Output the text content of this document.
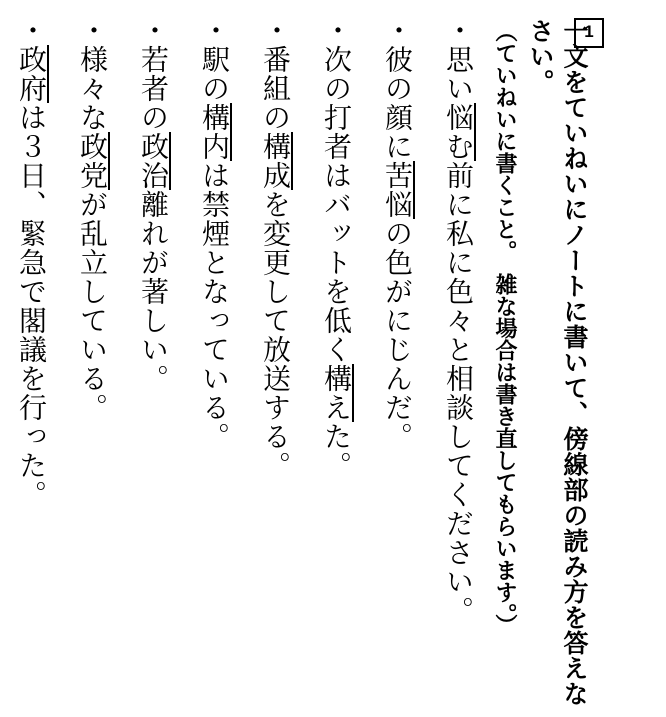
・政府は３日、緊急で閣議を行った。
・様々な政党が乱立している。
・若者の政治離れが著しい。
・駅の構内は禁煙となっている。
・番組の構成を変更して放送する。
・次の打者はバットを低く構えた。
・彼の顔に苦悩の色がにじんだ。
・思い悩む前に私に色々と相談してください。 （ていねいに書くこと。　雑な場合は書き直してもらいます。）	一文をていねいにノートに書いて、傍線部の読み方を答えなさい。	1
